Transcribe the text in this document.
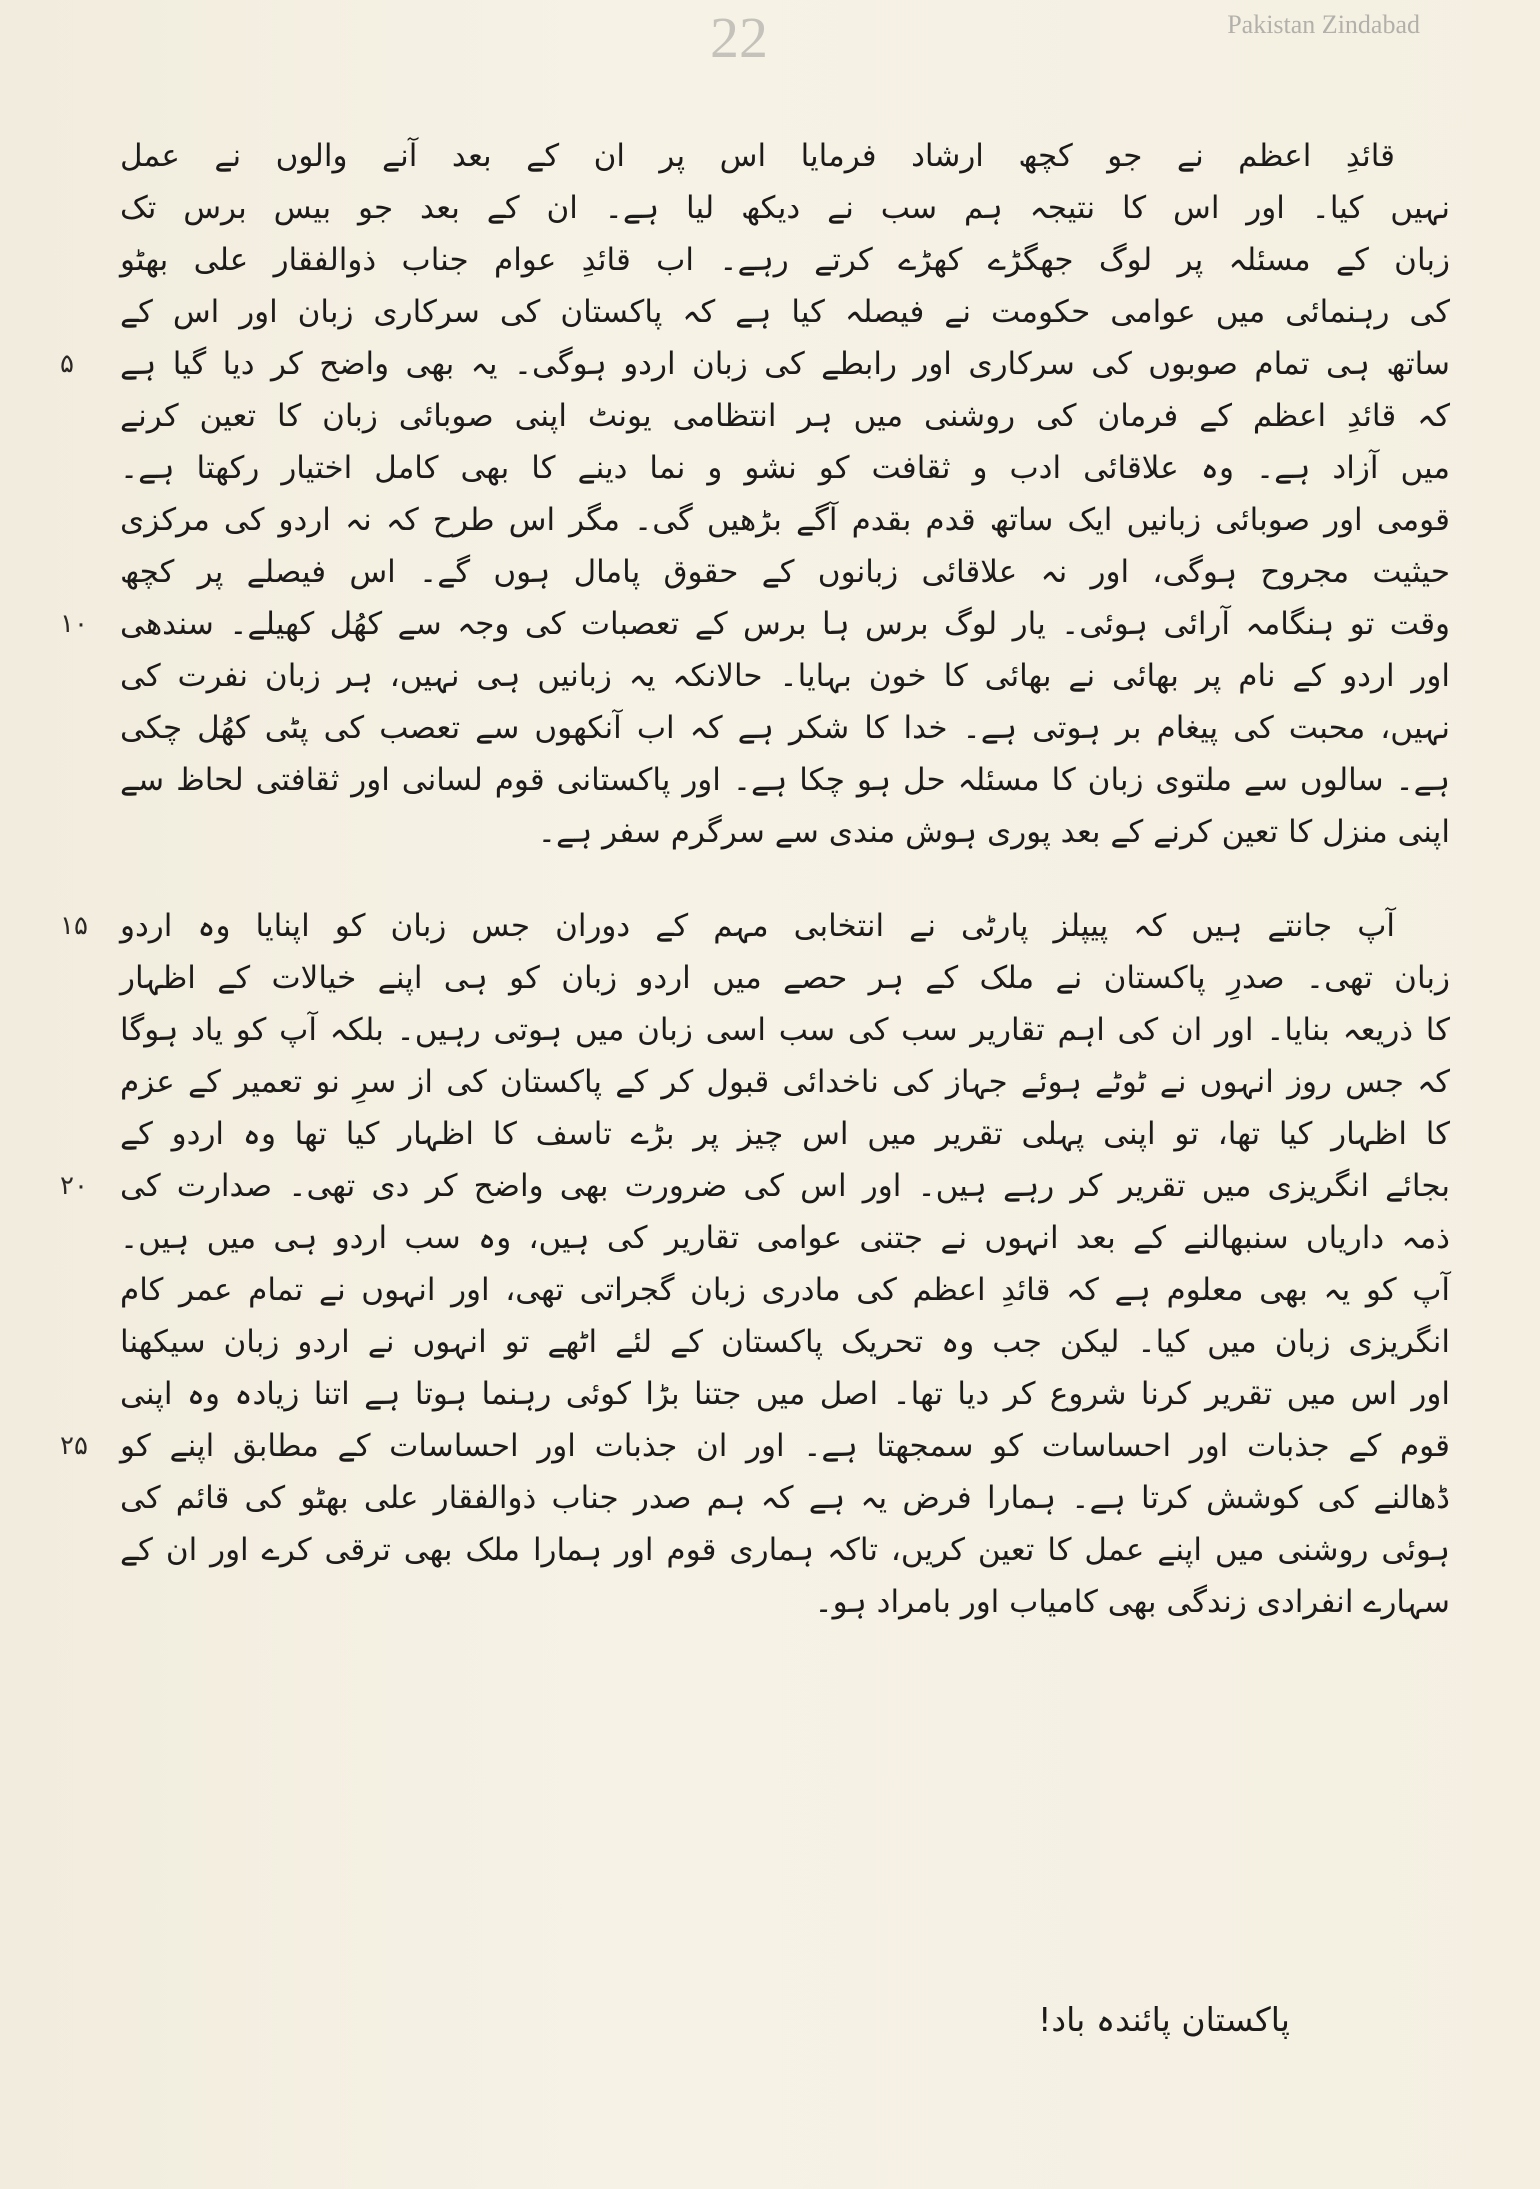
22	Pakistan Zindabad
قائدِ اعظم نے جو کچھ ارشاد فرمایا اس پر ان کے بعد آنے والوں نے عمل
نہیں کیا۔ اور اس کا نتیجہ ہم سب نے دیکھ لیا ہے۔ ان کے بعد جو بیس برس تک
زبان کے مسئلہ پر لوگ جھگڑے کھڑے کرتے رہے۔ اب قائدِ عوام جناب ذوالفقار علی بھٹو
کی رہنمائی میں عوامی حکومت نے فیصلہ کیا ہے کہ پاکستان کی سرکاری زبان اور اس کے
۵	ساتھ ہی تمام صوبوں کی سرکاری اور رابطے کی زبان اردو ہوگی۔ یہ بھی واضح کر دیا گیا ہے
کہ قائدِ اعظم کے فرمان کی روشنی میں ہر انتظامی یونٹ اپنی صوبائی زبان کا تعین کرنے
میں آزاد ہے۔ وہ علاقائی ادب و ثقافت کو نشو و نما دینے کا بھی کامل اختیار رکھتا ہے۔
قومی اور صوبائی زبانیں ایک ساتھ قدم بقدم آگے بڑھیں گی۔ مگر اس طرح کہ نہ اردو کی مرکزی
حیثیت مجروح ہوگی، اور نہ علاقائی زبانوں کے حقوق پامال ہوں گے۔ اس فیصلے پر کچھ
۱۰	وقت تو ہنگامہ آرائی ہوئی۔ یار لوگ برس ہا برس کے تعصبات کی وجہ سے کھُل کھیلے۔ سندھی
اور اردو کے نام پر بھائی نے بھائی کا خون بہایا۔ حالانکہ یہ زبانیں ہی نہیں، ہر زبان نفرت کی
نہیں، محبت کی پیغام بر ہوتی ہے۔ خدا کا شکر ہے کہ اب آنکھوں سے تعصب کی پٹی کھُل چکی
ہے۔ سالوں سے ملتوی زبان کا مسئلہ حل ہو چکا ہے۔ اور پاکستانی قوم لسانی اور ثقافتی لحاظ سے
اپنی منزل کا تعین کرنے کے بعد پوری ہوش مندی سے سرگرم سفر ہے۔
۱۵	آپ جانتے ہیں کہ پیپلز پارٹی نے انتخابی مہم کے دوران جس زبان کو اپنایا وہ اردو
زبان تھی۔ صدرِ پاکستان نے ملک کے ہر حصے میں اردو زبان کو ہی اپنے خیالات کے اظہار
کا ذریعہ بنایا۔ اور ان کی اہم تقاریر سب کی سب اسی زبان میں ہوتی رہیں۔ بلکہ آپ کو یاد ہوگا
کہ جس روز انہوں نے ٹوٹے ہوئے جہاز کی ناخدائی قبول کر کے پاکستان کی از سرِ نو تعمیر کے عزم
کا اظہار کیا تھا، تو اپنی پہلی تقریر میں اس چیز پر بڑے تاسف کا اظہار کیا تھا وہ اردو کے
۲۰	بجائے انگریزی میں تقریر کر رہے ہیں۔ اور اس کی ضرورت بھی واضح کر دی تھی۔ صدارت کی
ذمہ داریاں سنبھالنے کے بعد انہوں نے جتنی عوامی تقاریر کی ہیں، وہ سب اردو ہی میں ہیں۔
آپ کو یہ بھی معلوم ہے کہ قائدِ اعظم کی مادری زبان گجراتی تھی، اور انہوں نے تمام عمر کام
انگریزی زبان میں کیا۔ لیکن جب وہ تحریک پاکستان کے لئے اٹھے تو انہوں نے اردو زبان سیکھنا
اور اس میں تقریر کرنا شروع کر دیا تھا۔ اصل میں جتنا بڑا کوئی رہنما ہوتا ہے اتنا زیادہ وہ اپنی
۲۵	قوم کے جذبات اور احساسات کو سمجھتا ہے۔ اور ان جذبات اور احساسات کے مطابق اپنے کو
ڈھالنے کی کوشش کرتا ہے۔ ہمارا فرض یہ ہے کہ ہم صدر جناب ذوالفقار علی بھٹو کی قائم کی
ہوئی روشنی میں اپنے عمل کا تعین کریں، تاکہ ہماری قوم اور ہمارا ملک بھی ترقی کرے اور ان کے
سہارے انفرادی زندگی بھی کامیاب اور بامراد ہو۔
پاکستان پائندہ باد!
